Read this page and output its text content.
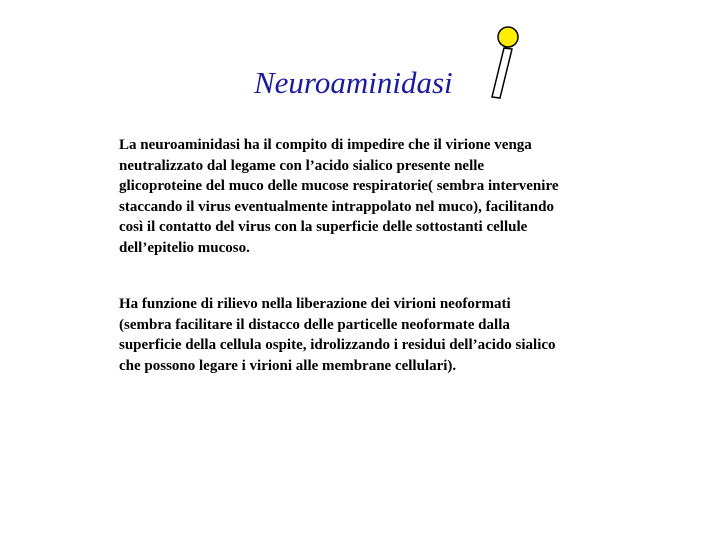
Neuroaminidasi

La neuroaminidasi ha il compito di impedire che il virione venga
neutralizzato dal legame con l’acido sialico presente nelle
glicoproteine del muco delle mucose respiratorie( sembra intervenire
staccando il virus eventualmente intrappolato nel muco), facilitando
così il contatto del virus con la superficie delle sottostanti cellule
dell’epitelio mucoso.

Ha funzione di rilievo nella liberazione dei virioni neoformati
(sembra facilitare il distacco delle particelle neoformate dalla
superficie della cellula ospite, idrolizzando i residui dell’acido sialico
che possono legare i virioni alle membrane cellulari).
